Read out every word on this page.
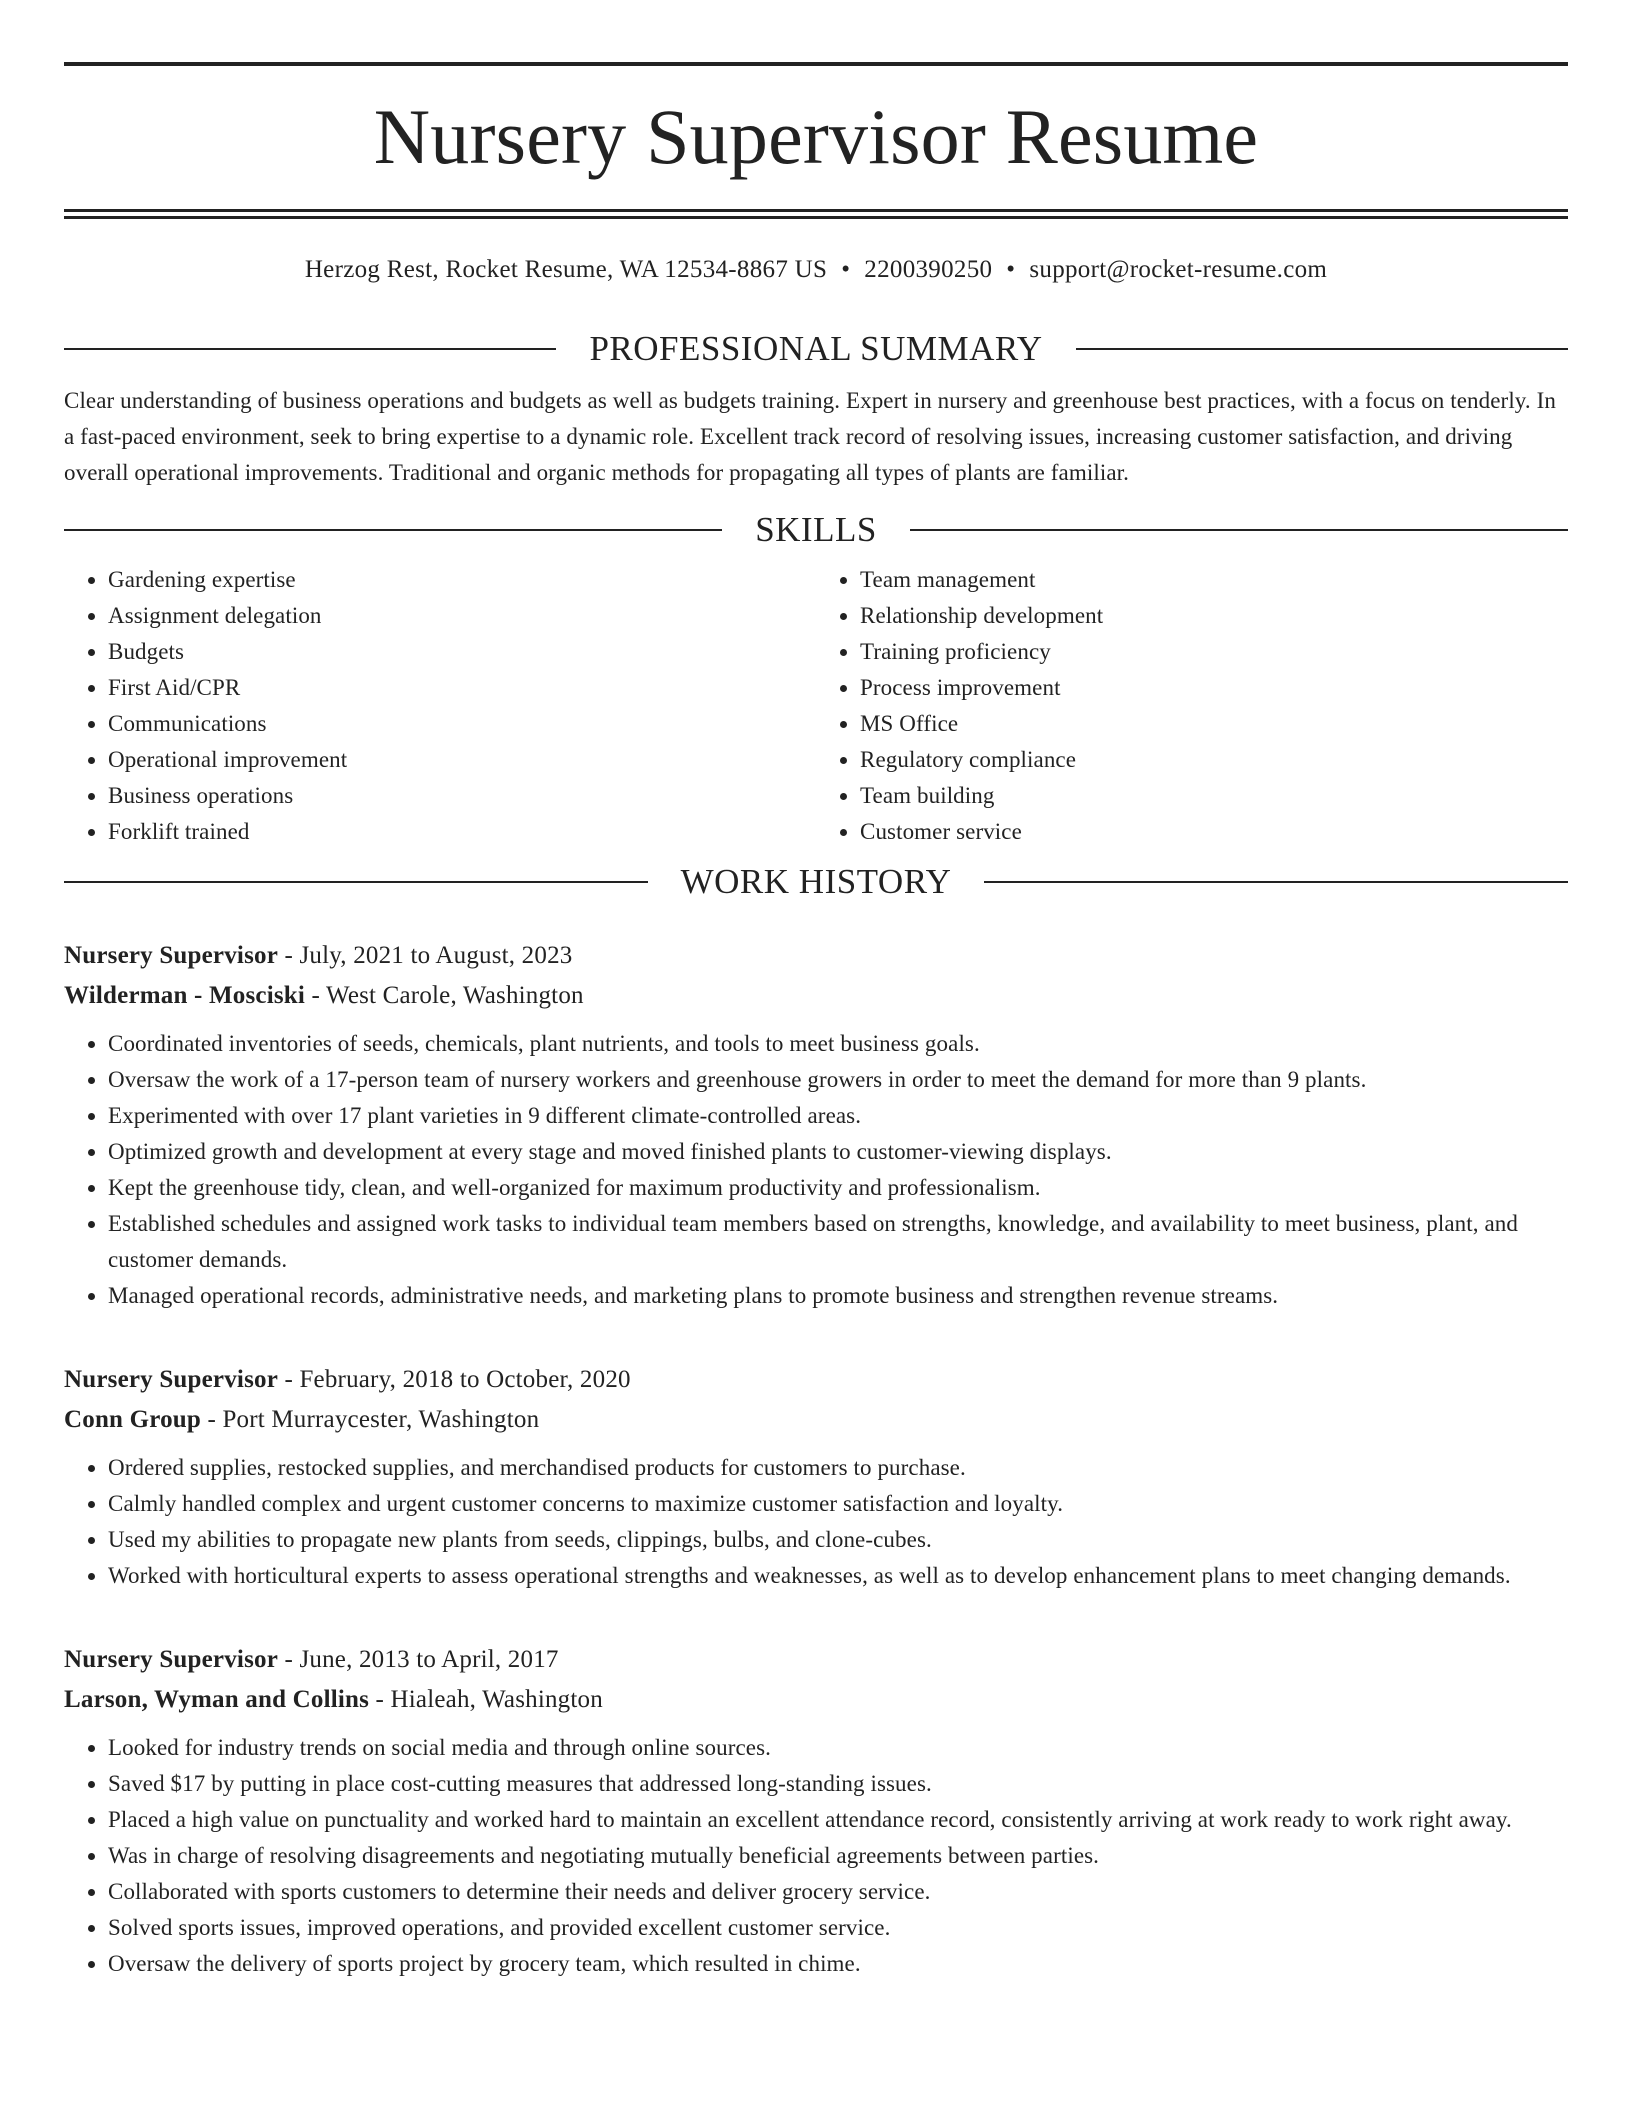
Nursery Supervisor Resume
Herzog Rest, Rocket Resume, WA 12534-8867 US • 2200390250 • support@rocket-resume.com
PROFESSIONAL SUMMARY

Clear understanding of business operations and budgets as well as budgets training. Expert in nursery and greenhouse best practices, with a focus on tenderly. In a fast-paced environment, seek to bring expertise to a dynamic role. Excellent track record of resolving issues, increasing customer satisfaction, and driving overall operational improvements. Traditional and organic methods for propagating all types of plants are familiar.

SKILLS
• Gardening expertise
• Assignment delegation
• Budgets
• First Aid/CPR
• Communications
• Operational improvement
• Business operations
• Forklift trained
• Team management
• Relationship development
• Training proficiency
• Process improvement
• MS Office
• Regulatory compliance
• Team building
• Customer service
WORK HISTORY
Nursery Supervisor - July, 2021 to August, 2023
Wilderman - Mosciski - West Carole, Washington
• Coordinated inventories of seeds, chemicals, plant nutrients, and tools to meet business goals.
• Oversaw the work of a 17-person team of nursery workers and greenhouse growers in order to meet the demand for more than 9 plants.
• Experimented with over 17 plant varieties in 9 different climate-controlled areas.
• Optimized growth and development at every stage and moved finished plants to customer-viewing displays.
• Kept the greenhouse tidy, clean, and well-organized for maximum productivity and professionalism.
• Established schedules and assigned work tasks to individual team members based on strengths, knowledge, and availability to meet business, plant, and customer demands.
• Managed operational records, administrative needs, and marketing plans to promote business and strengthen revenue streams.
Nursery Supervisor - February, 2018 to October, 2020
Conn Group - Port Murraycester, Washington
• Ordered supplies, restocked supplies, and merchandised products for customers to purchase.
• Calmly handled complex and urgent customer concerns to maximize customer satisfaction and loyalty.
• Used my abilities to propagate new plants from seeds, clippings, bulbs, and clone-cubes.
• Worked with horticultural experts to assess operational strengths and weaknesses, as well as to develop enhancement plans to meet changing demands.
Nursery Supervisor - June, 2013 to April, 2017
Larson, Wyman and Collins - Hialeah, Washington
• Looked for industry trends on social media and through online sources.
• Saved $17 by putting in place cost-cutting measures that addressed long-standing issues.
• Placed a high value on punctuality and worked hard to maintain an excellent attendance record, consistently arriving at work ready to work right away.
• Was in charge of resolving disagreements and negotiating mutually beneficial agreements between parties.
• Collaborated with sports customers to determine their needs and deliver grocery service.
• Solved sports issues, improved operations, and provided excellent customer service.
• Oversaw the delivery of sports project by grocery team, which resulted in chime.
